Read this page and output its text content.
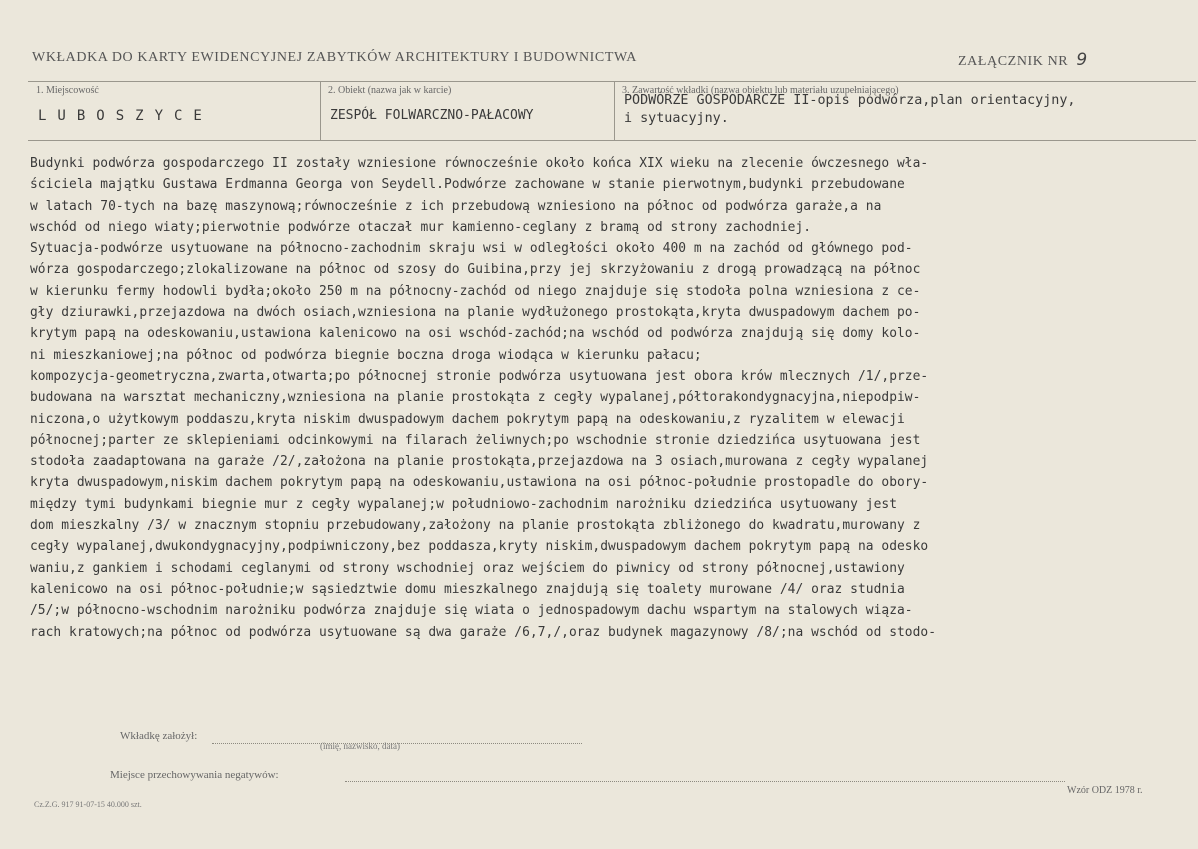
WKŁADKA DO KARTY EWIDENCYJNEJ ZABYTKÓW ARCHITEKTURY I BUDOWNICTWA	ZAŁĄCZNIK NR 9
1. Miejscowość	2. Obiekt (nazwa jak w karcie)	3. Zawartość wkładki (nazwa obiektu lub materiału uzupełniającego)
LUBOSZYCE	ZESPÓŁ FOLWARCZNO-PAŁACOWY
PODWÓRZE GOSPODARCZE II-opis podwórza,plan orientacyjny,
i sytuacyjny.
Budynki podwórza gospodarczego II zostały wzniesione równocześnie około końca XIX wieku na zlecenie ówczesnego wła-
ściciela majątku Gustawa Erdmanna Georga von Seydell.Podwórze zachowane w stanie pierwotnym,budynki przebudowane
w latach 70-tych na bazę maszynową;równocześnie z ich przebudową wzniesiono na północ od podwórza garaże,a na
wschód od niego wiaty;pierwotnie podwórze otaczał mur kamienno-ceglany z bramą od strony zachodniej.
Sytuacja-podwórze usytuowane na północno-zachodnim skraju wsi w odległości około 400 m na zachód od głównego pod-
wórza gospodarczego;zlokalizowane na północ od szosy do Guibina,przy jej skrzyżowaniu z drogą prowadzącą na północ
w kierunku fermy hodowli bydła;około 250 m na północny-zachód od niego znajduje się stodoła polna wzniesiona z ce-
gły dziurawki,przejazdowa na dwóch osiach,wzniesiona na planie wydłużonego prostokąta,kryta dwuspadowym dachem po-
krytym papą na odeskowaniu,ustawiona kalenicowo na osi wschód-zachód;na wschód od podwórza znajdują się domy kolo-
ni mieszkaniowej;na północ od podwórza biegnie boczna droga wiodąca w kierunku pałacu;
kompozycja-geometryczna,zwarta,otwarta;po północnej stronie podwórza usytuowana jest obora krów mlecznych /1/,prze-
budowana na warsztat mechaniczny,wzniesiona na planie prostokąta z cegły wypalanej,półtorakondygnacyjna,niepodpiw-
niczona,o użytkowym poddaszu,kryta niskim dwuspadowym dachem pokrytym papą na odeskowaniu,z ryzalitem w elewacji
północnej;parter ze sklepieniami odcinkowymi na filarach żeliwnych;po wschodnie stronie dziedzińca usytuowana jest
stodoła zaadaptowana na garaże /2/,założona na planie prostokąta,przejazdowa na 3 osiach,murowana z cegły wypalanej
kryta dwuspadowym,niskim dachem pokrytym papą na odeskowaniu,ustawiona na osi północ-południe prostopadle do obory-
między tymi budynkami biegnie mur z cegły wypalanej;w południowo-zachodnim narożniku dziedzińca usytuowany jest
dom mieszkalny /3/ w znacznym stopniu przebudowany,założony na planie prostokąta zbliżonego do kwadratu,murowany z
cegły wypalanej,dwukondygnacyjny,podpiwniczony,bez poddasza,kryty niskim,dwuspadowym dachem pokrytym papą na odesko
waniu,z gankiem i schodami ceglanymi od strony wschodniej oraz wejściem do piwnicy od strony północnej,ustawiony
kalenicowo na osi północ-południe;w sąsiedztwie domu mieszkalnego znajdują się toalety murowane /4/ oraz studnia
/5/;w północno-wschodnim narożniku podwórza znajduje się wiata o jednospadowym dachu wspartym na stalowych wiąza-
rach kratowych;na północ od podwórza usytuowane są dwa garaże /6,7,/,oraz budynek magazynowy /8/;na wschód od stodo-
Wkładkę założył:
(imię, nazwisko, data)
Miejsce przechowywania negatywów:
Cz.Z.G. 917 91-07-15 40.000 szt.
Wzór ODZ 1978 r.
